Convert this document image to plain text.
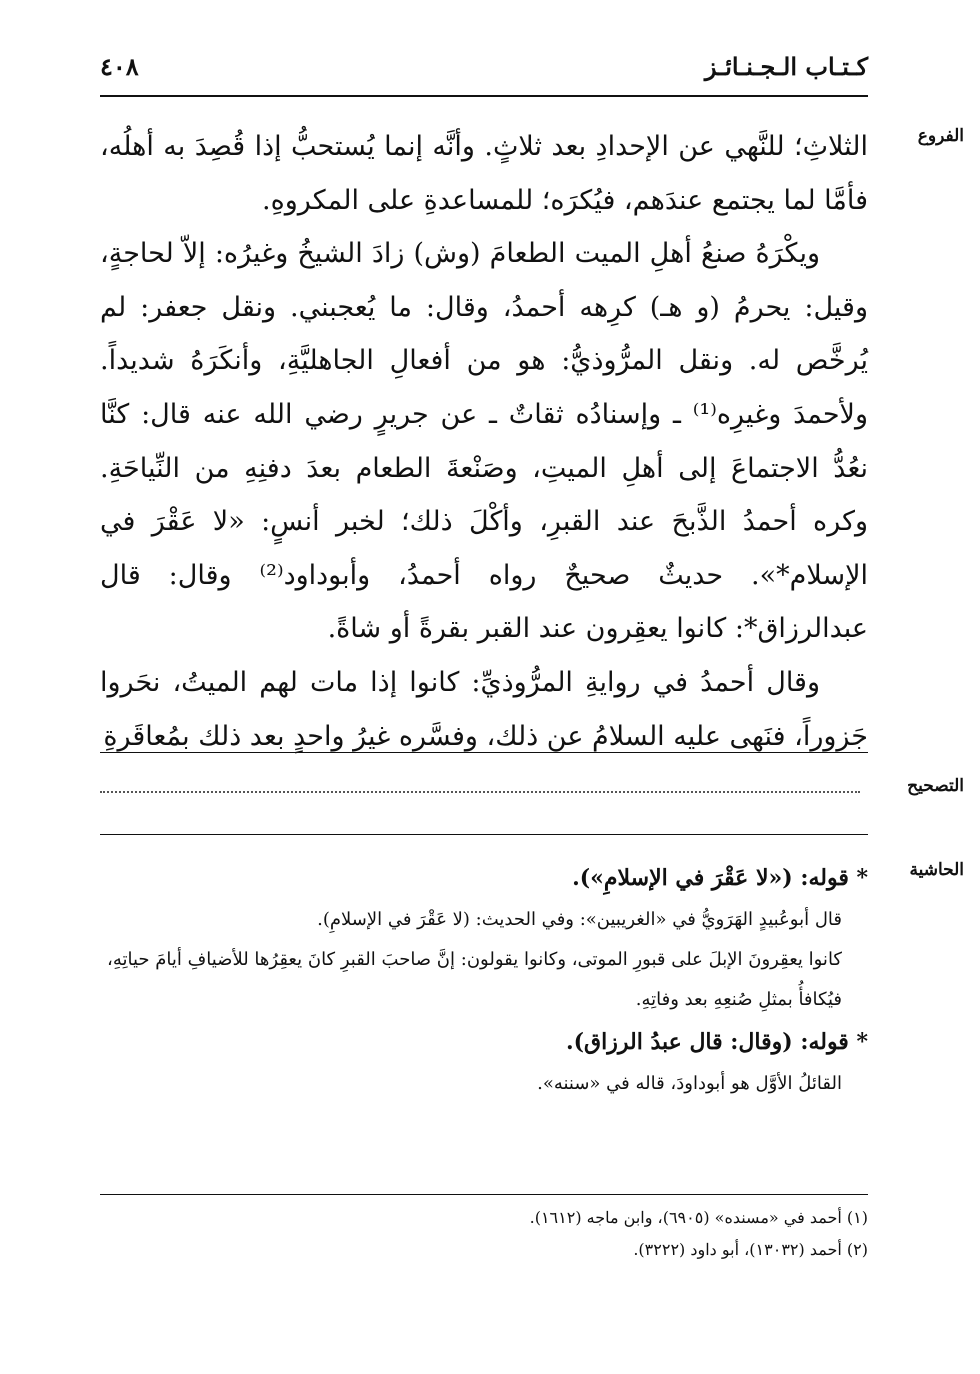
كـتـاب الـجـنـائـز
٤٠٨
الفروع

الثلاثِ؛ للنَّهي عن الإحدادِ بعد ثلاثٍ. وأنَّه إنما يُستحبُّ إذا قُصِدَ به أهلُه، فأمَّا لما يجتمع عندَهم، فيُكرَه؛ للمساعدةِ على المكروهِ.

ويكْرَهُ صنعُ أهلِ الميت الطعامَ (وش) زادَ الشيخُ وغيرُه: إلاّ لحاجةٍ، وقيل: يحرمُ (و هـ) كرِهه أحمدُ، وقال: ما يُعجبني. ونقل جعفر: لم يُرخَّص له. ونقل المرُّوذيُّ: هو من أفعالِ الجاهليَّةِ، وأنكَرَهُ شديداً. ولأحمدَ وغيرِه⁽¹⁾ ـ وإسنادُه ثقاتٌ ـ عن جريرٍ رضي الله عنه قال: كنَّا نعُدُّ الاجتماعَ إلى أهلِ الميتِ، وصَنْعةَ الطعام بعدَ دفنِهِ من النِّياحَةِ. وكره أحمدُ الذَّبحَ عند القبرِ، وأكْلَ ذلك؛ لخبر أنسٍ: «لا عَقْرَ في الإسلام*». حديثٌ صحيحٌ رواه أحمدُ، وأبوداود⁽²⁾ وقال: قال عبدالرزاق*: كانوا يعقِرون عند القبر بقرةً أو شاةً.

وقال أحمدُ في روايةِ المرُّوذيِّ: كانوا إذا مات لهم الميتُ، نحَروا جَزوراً، فنَهى عليه السلامُ عن ذلك، وفسَّره غيرُ واحدٍ بعد ذلك بمُعاقَرةِ

التصحيح
الحاشية

* قوله: («لا عَقْرَ في الإسلامِ»).

قال أبوعُبيدٍ الهَرَويُّ في «الغريبين»: وفي الحديث: (لا عَقْرَ في الإسلامِ).

كانوا يعقِرونَ الإبلَ على قبورِ الموتى، وكانوا يقولون: إنَّ صاحبَ القبرِ كانَ يعقِرُها للأضيافِ أيامَ حياتِهِ، فيُكافأُ بمثلِ صُنعِهِ بعد وفاتِهِ.

* قوله: (وقال: قال عبدُ الرزاق).

القائلُ الأوَّل هو أبوداودَ، قاله في «سننه».

(١) أحمد في «مسنده» (٦٩٠٥)، وابن ماجه (١٦١٢).

(٢) أحمد (١٣٠٣٢)، أبو داود (٣٢٢٢).
